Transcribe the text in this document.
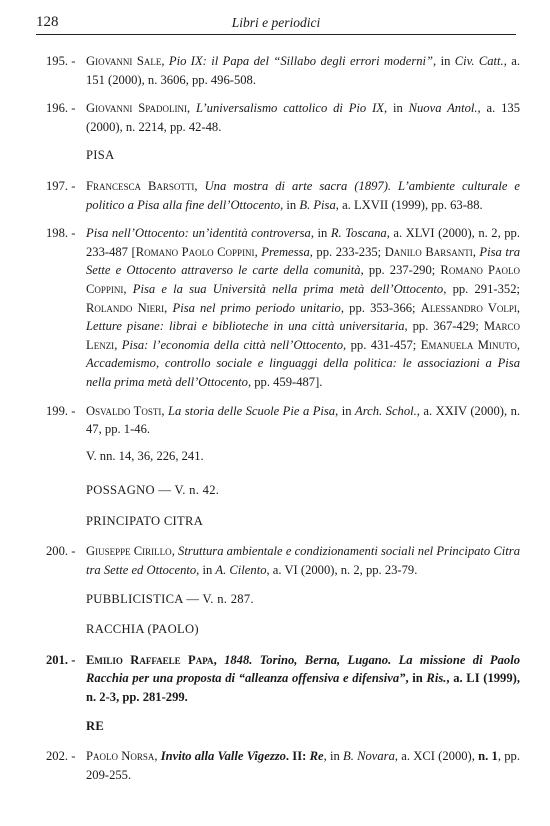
128	Libri e periodici
195. - Giovanni Sale, Pio IX: il Papa del “Sillabo degli errori moderni”, in Civ. Catt., a. 151 (2000), n. 3606, pp. 496-508.
196. - Giovanni Spadolini, L’universalismo cattolico di Pio IX, in Nuova Antol., a. 135 (2000), n. 2214, pp. 42-48.
PISA
197. - Francesca Barsotti, Una mostra di arte sacra (1897). L’ambiente culturale e politico a Pisa alla fine dell’Ottocento, in B. Pisa, a. LXVII (1999), pp. 63-88.
198. - Pisa nell’Ottocento: un’identità controversa, in R. Toscana, a. XLVI (2000), n. 2, pp. 233-487 [Romano Paolo Coppini, Premessa, pp. 233-235; Danilo Barsanti, Pisa tra Sette e Ottocento attraverso le carte della comunità, pp. 237-290; Romano Paolo Coppini, Pisa e la sua Università nella prima metà dell’Ottocento, pp. 291-352; Rolando Nieri, Pisa nel primo periodo unitario, pp. 353-366; Alessandro Volpi, Letture pisane: librai e biblioteche in una città universitaria, pp. 367-429; Marco Lenzi, Pisa: l’economia della città nell’Ottocento, pp. 431-457; Emanuela Minuto, Accademismo, controllo sociale e linguaggi della politica: le associazioni a Pisa nella prima metà dell’Ottocento, pp. 459-487].
199. - Osvaldo Tosti, La storia delle Scuole Pie a Pisa, in Arch. Schol., a. XXIV (2000), n. 47, pp. 1-46.
V. nn. 14, 36, 226, 241.
POSSAGNO — V. n. 42.
PRINCIPATO CITRA
200. - Giuseppe Cirillo, Struttura ambientale e condizionamenti sociali nel Principato Citra tra Sette ed Ottocento, in A. Cilento, a. VI (2000), n. 2, pp. 23-79.
PUBBLICISTICA — V. n. 287.
RACCHIA (PAOLO)
201. - Emilio Raffaele Papa, 1848. Torino, Berna, Lugano. La missione di Paolo Racchia per una proposta di “alleanza offensiva e difensiva”, in Ris., a. LI (1999), n. 2-3, pp. 281-299.
RE
202. - Paolo Norsa, Invito alla Valle Vigezzo. II: Re, in B. Novara, a. XCI (2000), n. 1, pp. 209-255.
